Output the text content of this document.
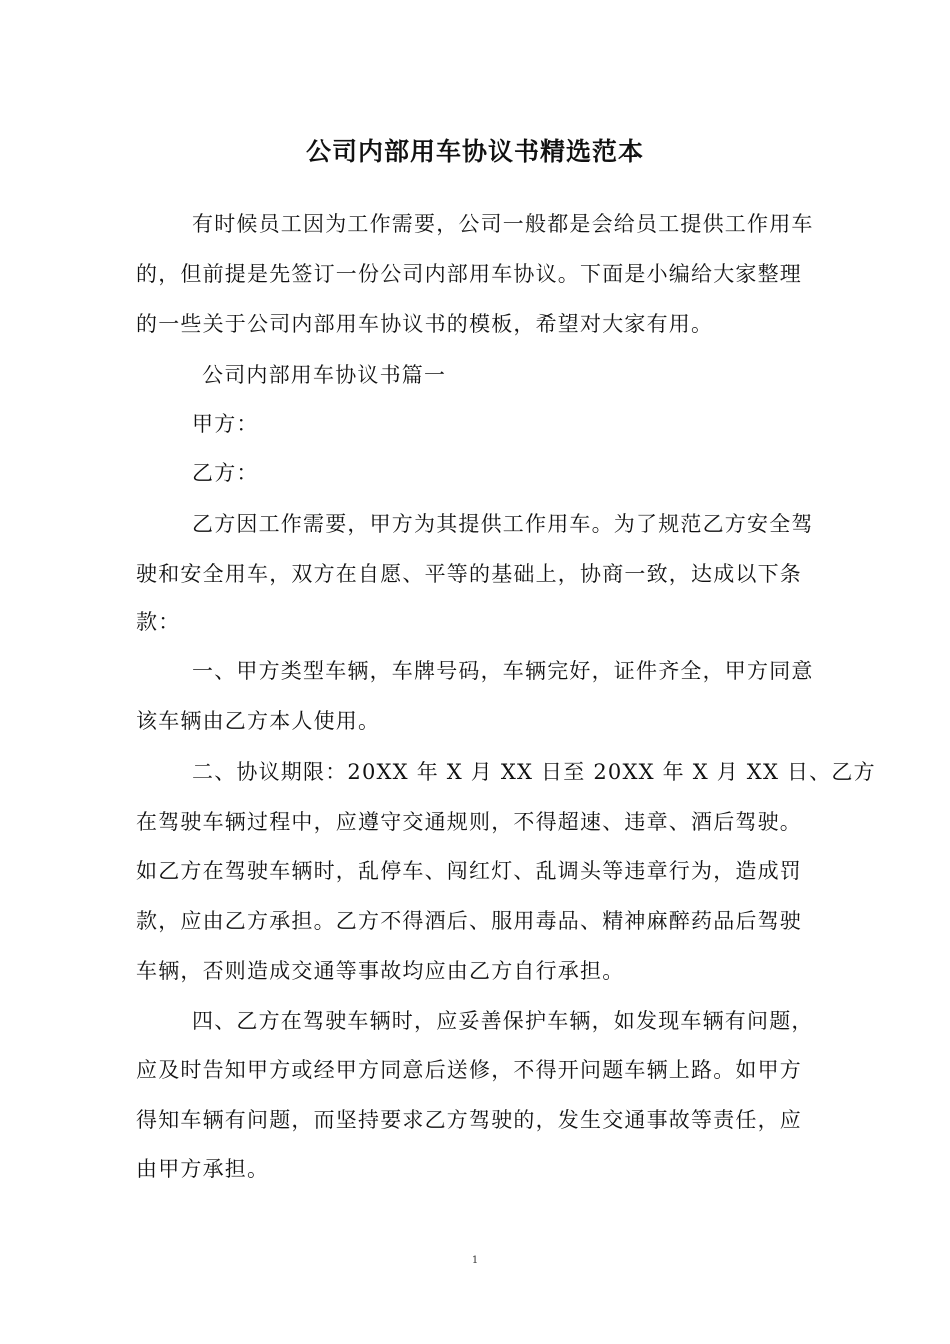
公司内部用车协议书精选范本
有时候员工因为工作需要，公司一般都是会给员工提供工作用车
的，但前提是先签订一份公司内部用车协议。下面是小编给大家整理
的一些关于公司内部用车协议书的模板，希望对大家有用。
公司内部用车协议书篇一
甲方：
乙方：
乙方因工作需要，甲方为其提供工作用车。为了规范乙方安全驾
驶和安全用车，双方在自愿、平等的基础上，协商一致，达成以下条
款：
一、甲方类型车辆，车牌号码，车辆完好，证件齐全，甲方同意
该车辆由乙方本人使用。
二、协议期限：20XX 年 X 月 XX 日至 20XX 年 X 月 XX 日、乙方
在驾驶车辆过程中，应遵守交通规则，不得超速、违章、酒后驾驶。
如乙方在驾驶车辆时，乱停车、闯红灯、乱调头等违章行为，造成罚
款，应由乙方承担。乙方不得酒后、服用毒品、精神麻醉药品后驾驶
车辆，否则造成交通等事故均应由乙方自行承担。
四、乙方在驾驶车辆时，应妥善保护车辆，如发现车辆有问题，
应及时告知甲方或经甲方同意后送修，不得开问题车辆上路。如甲方
得知车辆有问题，而坚持要求乙方驾驶的，发生交通事故等责任，应
由甲方承担。
1
